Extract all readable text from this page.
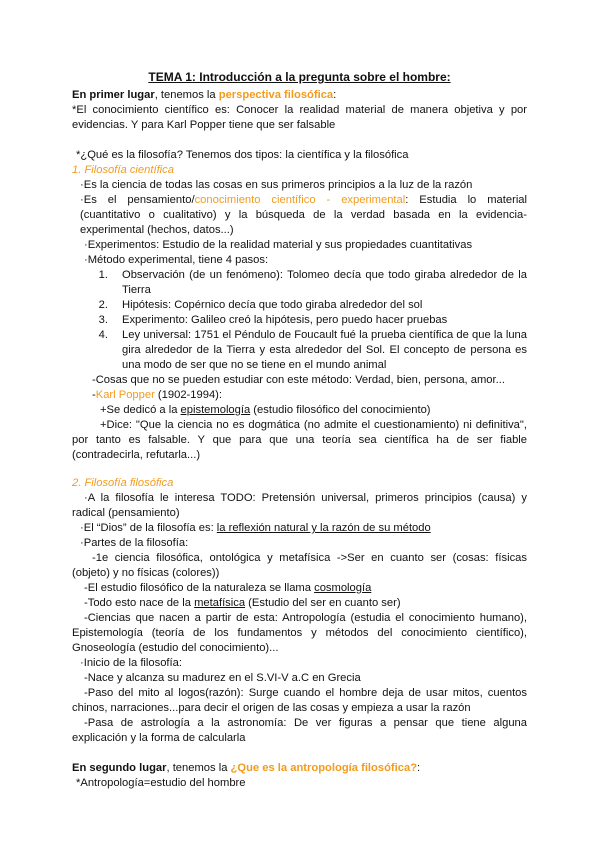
TEMA 1: Introducción a la pregunta sobre el hombre:

En primer lugar, tenemos la perspectiva filosófica:

*El conocimiento científico es: Conocer la realidad material de manera objetiva y por evidencias. Y para Karl Popper tiene que ser falsable

*¿Qué es la filosofía? Tenemos dos tipos: la científica y la filosófica

1. Filosofía científica

·Es la ciencia de todas las cosas en sus primeros principios a la luz de la razón

·Es el pensamiento/conocimiento científico - experimental: Estudia lo material (cuantitativo o cualitativo) y la búsqueda de la verdad basada en la evidencia-experimental (hechos, datos...)

·Experimentos: Estudio de la realidad material y sus propiedades cuantitativas

·Método experimental, tiene 4 pasos:

1. Observación (de un fenómeno): Tolomeo decía que todo giraba alrededor de la Tierra
2. Hipótesis: Copérnico decía que todo giraba alrededor del sol
3. Experimento: Galileo creó la hipótesis, pero puedo hacer pruebas
4. Ley universal: 1751 el Péndulo de Foucault fué la prueba científica de que la luna gira alrededor de la Tierra y esta alrededor del Sol. El concepto de persona es una modo de ser que no se tiene en el mundo animal

-Cosas que no se pueden estudiar con este método: Verdad, bien, persona, amor...

-Karl Popper (1902-1994):

+Se dedicó a la epistemología (estudio filosófico del conocimiento)

+Dice: "Que la ciencia no es dogmática (no admite el cuestionamiento) ni definitiva", por tanto es falsable. Y que para que una teoría sea científica ha de ser fiable (contradecirla, refutarla...)

2. Filosofía filosófica

·A la filosofía le interesa TODO: Pretensión universal, primeros principios (causa) y radical (pensamiento)

·El “Dios” de la filosofía es: la reflexión natural y la razón de su método

·Partes de la filosofía:

-1e ciencia filosófica, ontológica y metafísica ->Ser en cuanto ser (cosas: físicas (objeto) y no físicas (colores))

-El estudio filosófico de la naturaleza se llama cosmología

-Todo esto nace de la metafísica (Estudio del ser en cuanto ser)

-Ciencias que nacen a partir de esta: Antropología (estudia el conocimiento humano), Epistemología (teoría de los fundamentos y métodos del conocimiento científico), Gnoseología (estudio del conocimiento)...

·Inicio de la filosofía:

-Nace y alcanza su madurez en el S.VI-V a.C en Grecia

-Paso del mito al logos(razón): Surge cuando el hombre deja de usar mitos, cuentos chinos, narraciones...para decir el origen de las cosas y empieza a usar la razón

-Pasa de astrología a la astronomía: De ver figuras a pensar que tiene alguna explicación y la forma de calcularla

En segundo lugar, tenemos la ¿Que es la antropología filosófica?:

*Antropología=estudio del hombre
